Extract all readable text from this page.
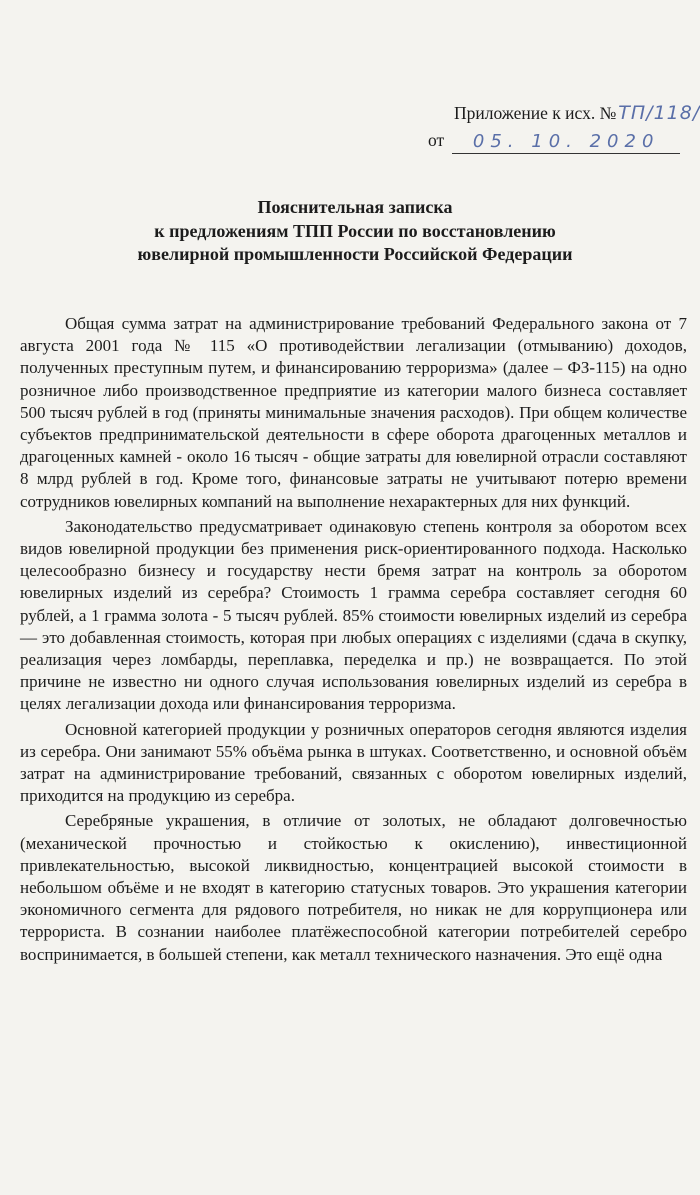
Приложение к исх. № ТП/118/
от	05. 10. 2020
Пояснительная записка
к предложениям ТПП России по восстановлению
ювелирной промышленности Российской Федерации

Общая сумма затрат на администрирование требований Федерального закона от 7 августа 2001 года № 115 «О противодействии легализации (отмыванию) доходов, полученных преступным путем, и финансированию терроризма» (далее – ФЗ-115) на одно розничное либо производственное предприятие из категории малого бизнеса составляет 500 тысяч рублей в год (приняты минимальные значения расходов). При общем количестве субъектов предпринимательской деятельности в сфере оборота драгоценных металлов и драгоценных камней - около 16 тысяч - общие затраты для ювелирной отрасли составляют 8 млрд рублей в год. Кроме того, финансовые затраты не учитывают потерю времени сотрудников ювелирных компаний на выполнение нехарактерных для них функций.

Законодательство предусматривает одинаковую степень контроля за оборотом всех видов ювелирной продукции без применения риск-ориентированного подхода. Насколько целесообразно бизнесу и государству нести бремя затрат на контроль за оборотом ювелирных изделий из серебра? Стоимость 1 грамма серебра составляет сегодня 60 рублей, а 1 грамма золота - 5 тысяч рублей. 85% стоимости ювелирных изделий из серебра — это добавленная стоимость, которая при любых операциях с изделиями (сдача в скупку, реализация через ломбарды, переплавка, переделка и пр.) не возвращается. По этой причине не известно ни одного случая использования ювелирных изделий из серебра в целях легализации дохода или финансирования терроризма.

Основной категорией продукции у розничных операторов сегодня являются изделия из серебра. Они занимают 55% объёма рынка в штуках. Соответственно, и основной объём затрат на администрирование требований, связанных с оборотом ювелирных изделий, приходится на продукцию из серебра.

Серебряные украшения, в отличие от золотых, не обладают долговечностью (механической прочностью и стойкостью к окислению), инвестиционной привлекательностью, высокой ликвидностью, концентрацией высокой стоимости в небольшом объёме и не входят в категорию статусных товаров. Это украшения категории экономичного сегмента для рядового потребителя, но никак не для коррупционера или террориста. В сознании наиболее платёжеспособной категории потребителей серебро воспринимается, в большей степени, как металл технического назначения. Это ещё одна
